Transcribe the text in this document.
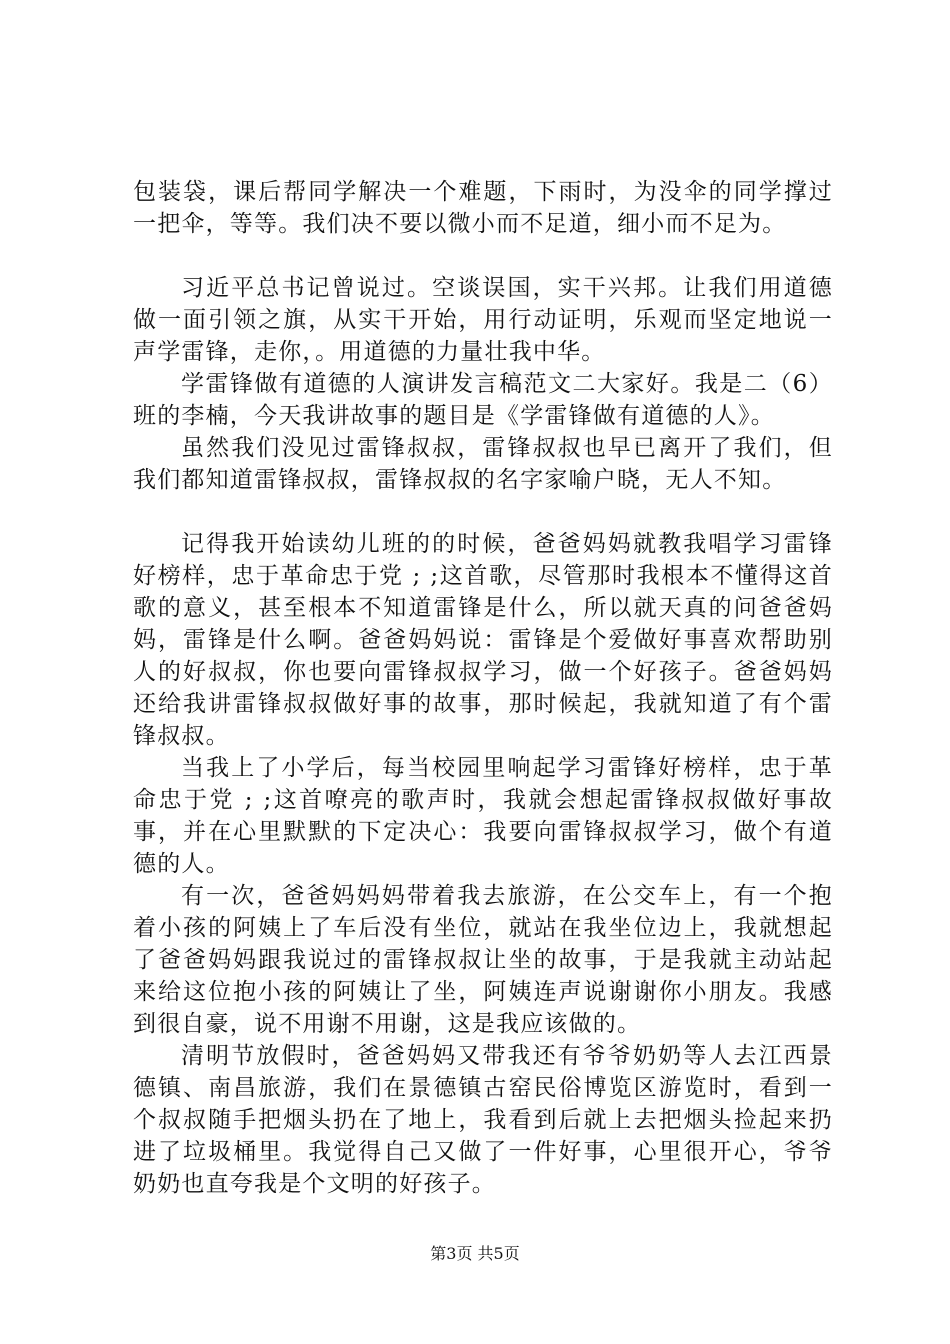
包装袋，课后帮同学解决一个难题，下雨时，为没伞的同学撑过一把伞，等等。我们决不要以微小而不足道，细小而不足为。

习近平总书记曾说过。空谈误国，实干兴邦。让我们用道德做一面引领之旗，从实干开始，用行动证明，乐观而坚定地说一声学雷锋，走你，。用道德的力量壮我中华。

学雷锋做有道德的人演讲发言稿范文二大家好。我是二（6）班的李楠，今天我讲故事的题目是《学雷锋做有道德的人》。

虽然我们没见过雷锋叔叔，雷锋叔叔也早已离开了我们，但我们都知道雷锋叔叔，雷锋叔叔的名字家喻户晓，无人不知。

记得我开始读幼儿班的的时候，爸爸妈妈就教我唱学习雷锋好榜样，忠于革命忠于党 ; ;这首歌，尽管那时我根本不懂得这首歌的意义，甚至根本不知道雷锋是什么，所以就天真的问爸爸妈妈，雷锋是什么啊。爸爸妈妈说：雷锋是个爱做好事喜欢帮助别人的好叔叔，你也要向雷锋叔叔学习，做一个好孩子。爸爸妈妈还给我讲雷锋叔叔做好事的故事，那时候起，我就知道了有个雷锋叔叔。

当我上了小学后，每当校园里响起学习雷锋好榜样，忠于革命忠于党 ; ;这首嘹亮的歌声时，我就会想起雷锋叔叔做好事故事，并在心里默默的下定决心：我要向雷锋叔叔学习，做个有道德的人。

有一次，爸爸妈妈妈带着我去旅游，在公交车上，有一个抱着小孩的阿姨上了车后没有坐位，就站在我坐位边上，我就想起了爸爸妈妈跟我说过的雷锋叔叔让坐的故事，于是我就主动站起来给这位抱小孩的阿姨让了坐，阿姨连声说谢谢你小朋友。我感到很自豪，说不用谢不用谢，这是我应该做的。

清明节放假时，爸爸妈妈又带我还有爷爷奶奶等人去江西景德镇、南昌旅游，我们在景德镇古窑民俗博览区游览时，看到一个叔叔随手把烟头扔在了地上，我看到后就上去把烟头捡起来扔进了垃圾桶里。我觉得自己又做了一件好事，心里很开心，爷爷奶奶也直夸我是个文明的好孩子。

第3页 共5页
